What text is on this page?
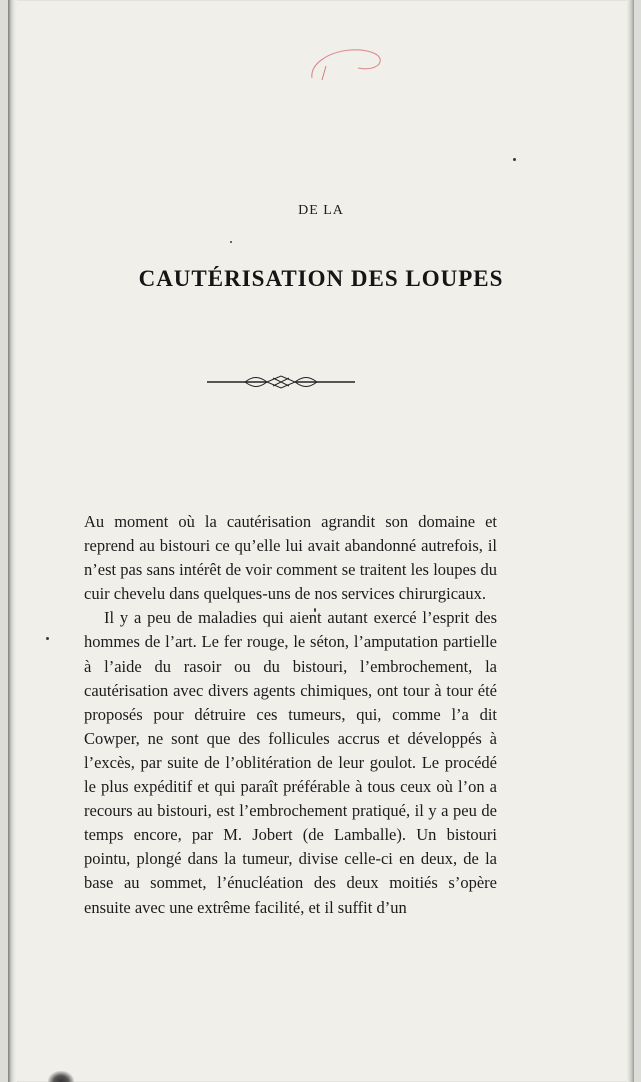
DE LA
CAUTÉRISATION DES LOUPES

Au moment où la cautérisation agrandit son domaine et reprend au bistouri ce qu’elle lui avait abandonné autrefois, il n’est pas sans intérêt de voir comment se traitent les loupes du cuir chevelu dans quelques-uns de nos services chirurgicaux.

Il y a peu de maladies qui aient autant exercé l’esprit des hommes de l’art. Le fer rouge, le séton, l’amputation partielle à l’aide du rasoir ou du bistouri, l’embrochement, la cautérisation avec divers agents chimiques, ont tour à tour été proposés pour détruire ces tumeurs, qui, comme l’a dit Cowper, ne sont que des follicules accrus et développés à l’excès, par suite de l’oblitération de leur goulot. Le procédé le plus expéditif et qui paraît préférable à tous ceux où l’on a recours au bistouri, est l’embrochement pratiqué, il y a peu de temps encore, par M. Jobert (de Lamballe). Un bistouri pointu, plongé dans la tumeur, divise celle-ci en deux, de la base au sommet, l’énucléation des deux moitiés s’opère ensuite avec une extrême facilité, et il suffit d’un
